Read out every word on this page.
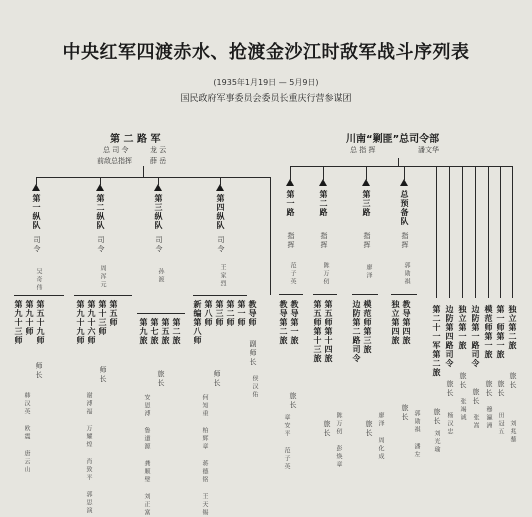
中央红军四渡赤水、抢渡金沙江时敌军战斗序列表
(1935年1月19日 — 5月9日)
国民政府军事委员会委员长重庆行营参谋团
第 二 路 军
总 司 令	龙 云
前敌总指挥	薛 岳
川南“剿匪”总司令部
总 指 挥	潘文华
第一纵队
司令
吴奇伟
第二纵队
司令
周浑元
第三纵队
司令
孙渡
第四纵队
司令
王家烈
第五十九师
第九十师
第九十三师
师长
韩汉英 欧震 唐云山
第五师
第十三师
第九十六师
第九十九师
师长
谢溥福 万耀煌 肖致平 郭思演
第二旅
第五旅
第七旅
第九旅
旅长
安恩溥 鲁道源 龚顺璧 刘正富
第一师
第二师
第三师
第八师
新编第八师
师长
何知重 柏辉章 蒋德铭 王天锡
教导师
副师长
侯汉佑
第一路
指挥
范子英
第二路
指挥
陈万仞
第三路
指挥
廖泽
总预备队
指挥
郭勋祺
教导第一旅
教导第二旅
旅长
章安平 范子英
第五师第十四旅
第五师第十三旅
旅长 陈万仞 彭焕章
模范师第三旅
边防第二路司令
旅长 廖泽 周化成
教导第四旅
独立第四旅
旅长 郭勋祺 潘左
第二十一军第二旅 边防第四路司令 独立第一旅 边防第一路司令 模范师第一旅 第一师第一旅 独立第二旅
旅长
旅长 旅长
旅长 旅长 旅长 旅长
刘光瑜
杨汉忠
张竭诚 张嵩 穆瀛洲 田冠五 刘兆藜
